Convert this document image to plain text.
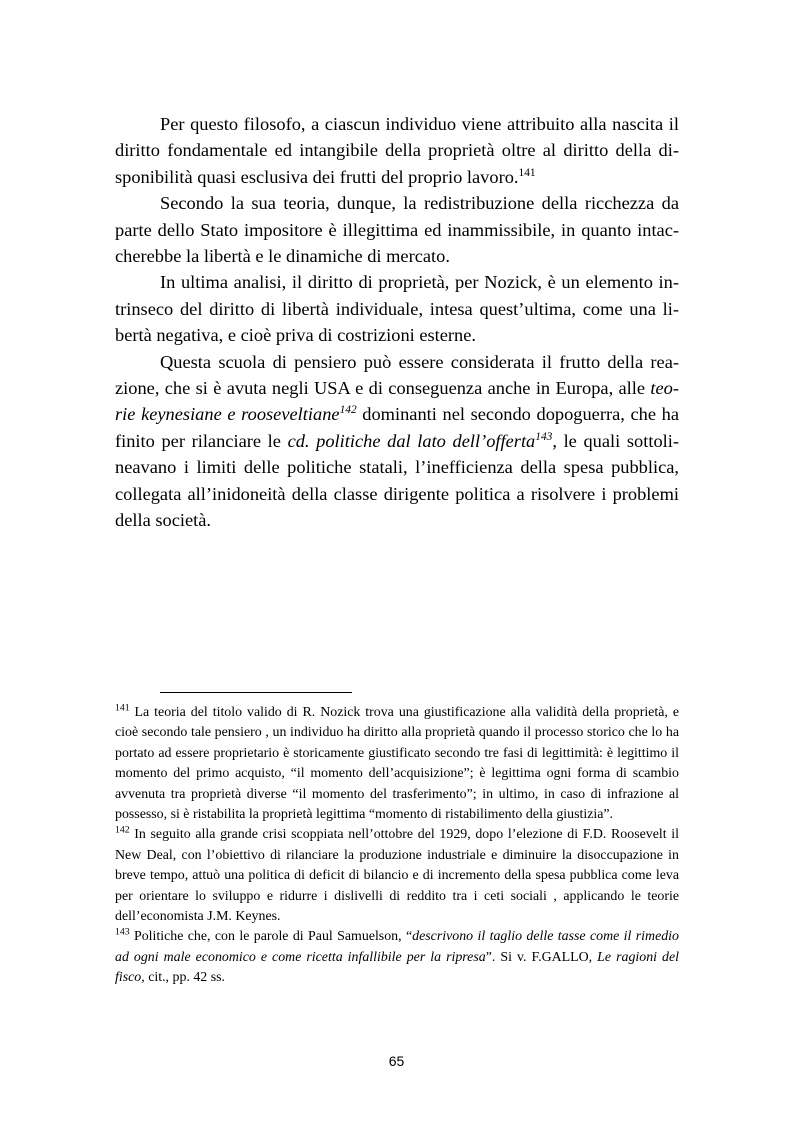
Per questo filosofo, a ciascun individuo viene attribuito alla nascita il diritto fondamentale ed intangibile della proprietà oltre al diritto della disponibilità quasi esclusiva dei frutti del proprio lavoro.$^{141}$

Secondo la sua teoria, dunque, la redistribuzione della ricchezza da parte dello Stato impositore è illegittima ed inammissibile, in quanto intaccherebbe la libertà e le dinamiche di mercato.

In ultima analisi, il diritto di proprietà, per Nozick, è un elemento intrinseco del diritto di libertà individuale, intesa quest’ultima, come una libertà negativa, e cioè priva di costrizioni esterne.

Questa scuola di pensiero può essere considerata il frutto della reazione, che si è avuta negli USA e di conseguenza anche in Europa, alle teorie keynesiane e rooseveltiane$^{142}$ dominanti nel secondo dopoguerra, che ha finito per rilanciare le cd. politiche dal lato dell’offerta$^{143}$, le quali sottolineavano i limiti delle politiche statali, l’inefficienza della spesa pubblica, collegata all’inidoneità della classe dirigente politica a risolvere i problemi della società.

$^{141}$ La teoria del titolo valido di R. Nozick trova una giustificazione alla validità della proprietà, e cioè secondo tale pensiero , un individuo ha diritto alla proprietà quando il processo storico che lo ha portato ad essere proprietario è storicamente giustificato secondo tre fasi di legittimità: è legittimo il momento del primo acquisto, “il momento dell’acquisizione”; è legittima ogni forma di scambio avvenuta tra proprietà diverse “il momento del trasferimento”; in ultimo, in caso di infrazione al possesso, si è ristabilita la proprietà legittima “momento di ristabilimento della giustizia”.

$^{142}$ In seguito alla grande crisi scoppiata nell’ottobre del 1929, dopo l’elezione di F.D. Roosevelt il New Deal, con l’obiettivo di rilanciare la produzione industriale e diminuire la disoccupazione in breve tempo, attuò una politica di deficit di bilancio e di incremento della spesa pubblica come leva per orientare lo sviluppo e ridurre i dislivelli di reddito tra i ceti sociali , applicando le teorie dell’economista J.M. Keynes.

$^{143}$ Politiche che, con le parole di Paul Samuelson, “descrivono il taglio delle tasse come il rimedio ad ogni male economico e come ricetta infallibile per la ripresa”. Si v. F.GALLO, Le ragioni del fisco, cit., pp. 42 ss.

65
